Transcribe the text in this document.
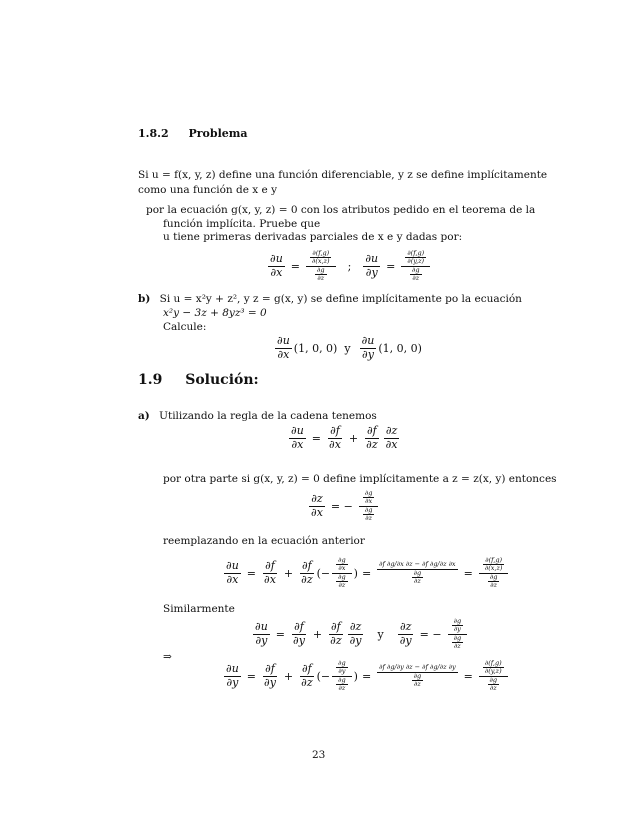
1.8.2 Problema
Si u = f(x, y, z) define una función diferenciable, y z se define implícitamente
como una función de x e y
por la ecuación g(x, y, z) = 0 con los atributos pedido en el teorema de la
función implícita. Pruebe que
u tiene primeras derivadas parciales de x e y dadas por:
$\frac{\partial u}{\partial x} = \frac{\frac{\partial(f,g)}{\partial(x,z)}}{\frac{\partial g}{\partial z}}$ ; $\frac{\partial u}{\partial y} = \frac{\frac{\partial(f,g)}{\partial(y,z)}}{\frac{\partial g}{\partial z}}$
b) Si u = x²y + z², y z = g(x, y) se define implícitamente po la ecuación
x²y − 3z + 8yz³ = 0
Calcule:
$\frac{\partial u}{\partial x} (1$, 0, 0) y $\frac{\partial u}{\partial y} (1$, 0, 0)
1.9 Solución:
a) Utilizando la regla de la cadena tenemos
$\frac{\partial u}{\partial x} = \frac{\partial f}{\partial x} + \frac{\partial f}{\partial z} \frac{\partial z}{\partial x}$
por otra parte si g(x, y, z) = 0 define implícitamente a z = z(x, y) entonces
$\frac{\partial z}{\partial x}$ = − $\frac{\frac{\partial g}{\partial x}}{\frac{\partial g}{\partial z}}$
reemplazando en la ecuación anterior
$\frac{\partial u}{\partial x} = \frac{\partial f}{\partial x} + \frac{\partial f}{\partial z}$ (− $\frac{\frac{\partial g}{\partial x}}{\frac{\partial g}{\partial z}}$ ) = $\frac{\partial f \partial g/\partial x \partial z - \partial f \partial g/\partial z \partial x}{\frac{\partial g}{\partial z}} = \frac{\frac{\partial(f,g)}{\partial(x,z)}}{\frac{\partial g}{\partial z}}$
Similarmente
$\frac{\partial u}{\partial y} = \frac{\partial f}{\partial y} + \frac{\partial f}{\partial z} \frac{\partial z}{\partial y}$ y $\frac{\partial z}{\partial y}$ = − $\frac{\frac{\partial g}{\partial y}}{\frac{\partial g}{\partial z}}$
⇒
$\frac{\partial u}{\partial y} = \frac{\partial f}{\partial y} + \frac{\partial f}{\partial z}$ (− $\frac{\frac{\partial g}{\partial y}}{\frac{\partial g}{\partial z}}$ ) = $\frac{\partial f \partial g/\partial y \partial z - \partial f \partial g/\partial z \partial y}{\frac{\partial g}{\partial z}} = \frac{\frac{\partial(f,g)}{\partial(y,z)}}{\frac{\partial g}{\partial z}}$
23
